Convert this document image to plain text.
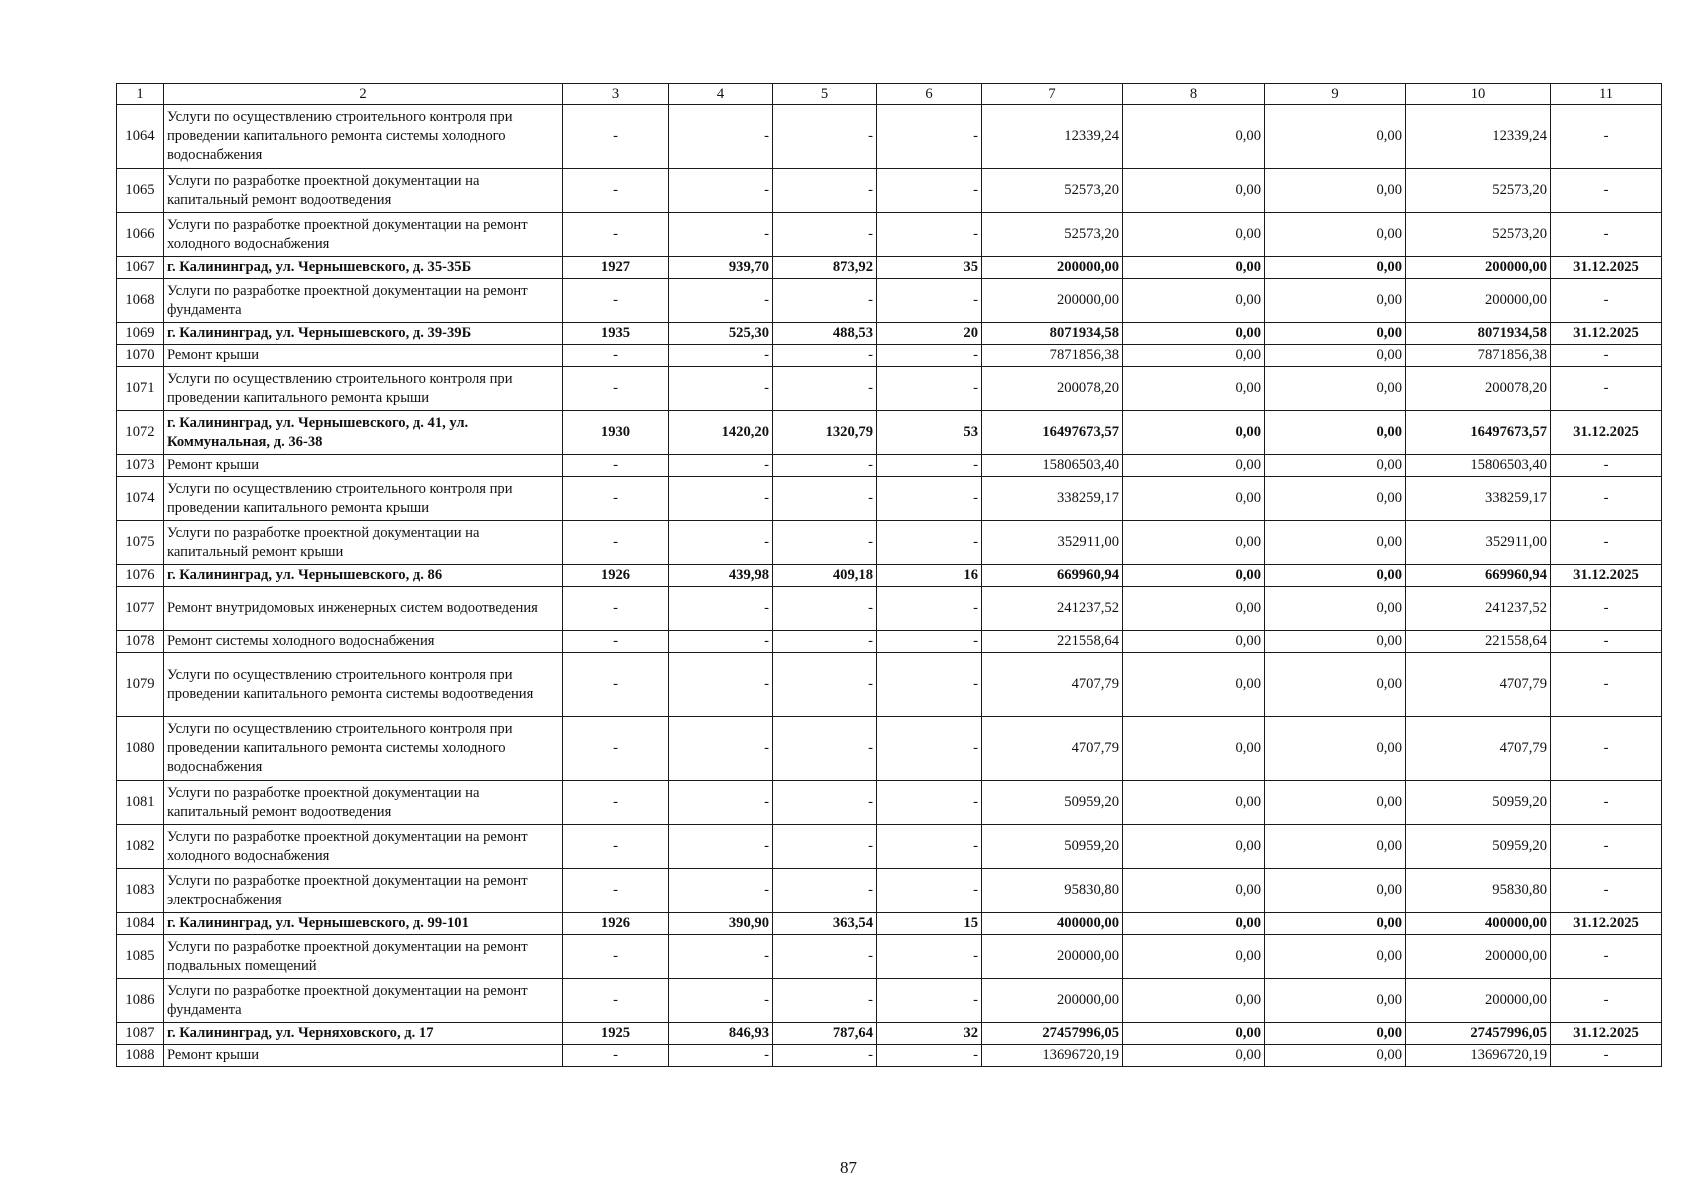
1	2	3	4	5	6	7	8	9	10	11
1064	Услуги по осуществлению строительного контроля при проведении капитального ремонта системы холодного водоснабжения	-	-	-	-	12339,24	0,00	0,00	12339,24	-
1065	Услуги по разработке проектной документации на капитальный ремонт водоотведения	-	-	-	-	52573,20	0,00	0,00	52573,20	-
1066	Услуги по разработке проектной документации на ремонт холодного водоснабжения	-	-	-	-	52573,20	0,00	0,00	52573,20	-
1067	г. Калининград, ул. Чернышевского, д. 35-35Б	1927	939,70	873,92	35	200000,00	0,00	0,00	200000,00	31.12.2025
1068	Услуги по разработке проектной документации на ремонт фундамента	-	-	-	-	200000,00	0,00	0,00	200000,00	-
1069	г. Калининград, ул. Чернышевского, д. 39-39Б	1935	525,30	488,53	20	8071934,58	0,00	0,00	8071934,58	31.12.2025
1070	Ремонт крыши	-	-	-	-	7871856,38	0,00	0,00	7871856,38	-
1071	Услуги по осуществлению строительного контроля при проведении капитального ремонта крыши	-	-	-	-	200078,20	0,00	0,00	200078,20	-
1072	г. Калининград, ул. Чернышевского, д. 41, ул. Коммунальная, д. 36-38	1930	1420,20	1320,79	53	16497673,57	0,00	0,00	16497673,57	31.12.2025
1073	Ремонт крыши	-	-	-	-	15806503,40	0,00	0,00	15806503,40	-
1074	Услуги по осуществлению строительного контроля при проведении капитального ремонта крыши	-	-	-	-	338259,17	0,00	0,00	338259,17	-
1075	Услуги по разработке проектной документации на капитальный ремонт крыши	-	-	-	-	352911,00	0,00	0,00	352911,00	-
1076	г. Калининград, ул. Чернышевского, д. 86	1926	439,98	409,18	16	669960,94	0,00	0,00	669960,94	31.12.2025
1077	Ремонт внутридомовых инженерных систем водоотведения	-	-	-	-	241237,52	0,00	0,00	241237,52	-
1078	Ремонт системы холодного водоснабжения	-	-	-	-	221558,64	0,00	0,00	221558,64	-
1079	Услуги по осуществлению строительного контроля при проведении капитального ремонта системы водоотведения	-	-	-	-	4707,79	0,00	0,00	4707,79	-
1080	Услуги по осуществлению строительного контроля при проведении капитального ремонта системы холодного водоснабжения	-	-	-	-	4707,79	0,00	0,00	4707,79	-
1081	Услуги по разработке проектной документации на капитальный ремонт водоотведения	-	-	-	-	50959,20	0,00	0,00	50959,20	-
1082	Услуги по разработке проектной документации на ремонт холодного водоснабжения	-	-	-	-	50959,20	0,00	0,00	50959,20	-
1083	Услуги по разработке проектной документации на ремонт электроснабжения	-	-	-	-	95830,80	0,00	0,00	95830,80	-
1084	г. Калининград, ул. Чернышевского, д. 99-101	1926	390,90	363,54	15	400000,00	0,00	0,00	400000,00	31.12.2025
1085	Услуги по разработке проектной документации на ремонт подвальных помещений	-	-	-	-	200000,00	0,00	0,00	200000,00	-
1086	Услуги по разработке проектной документации на ремонт фундамента	-	-	-	-	200000,00	0,00	0,00	200000,00	-
1087	г. Калининград, ул. Черняховского, д. 17	1925	846,93	787,64	32	27457996,05	0,00	0,00	27457996,05	31.12.2025
1088	Ремонт крыши	-	-	-	-	13696720,19	0,00	0,00	13696720,19	-
87
